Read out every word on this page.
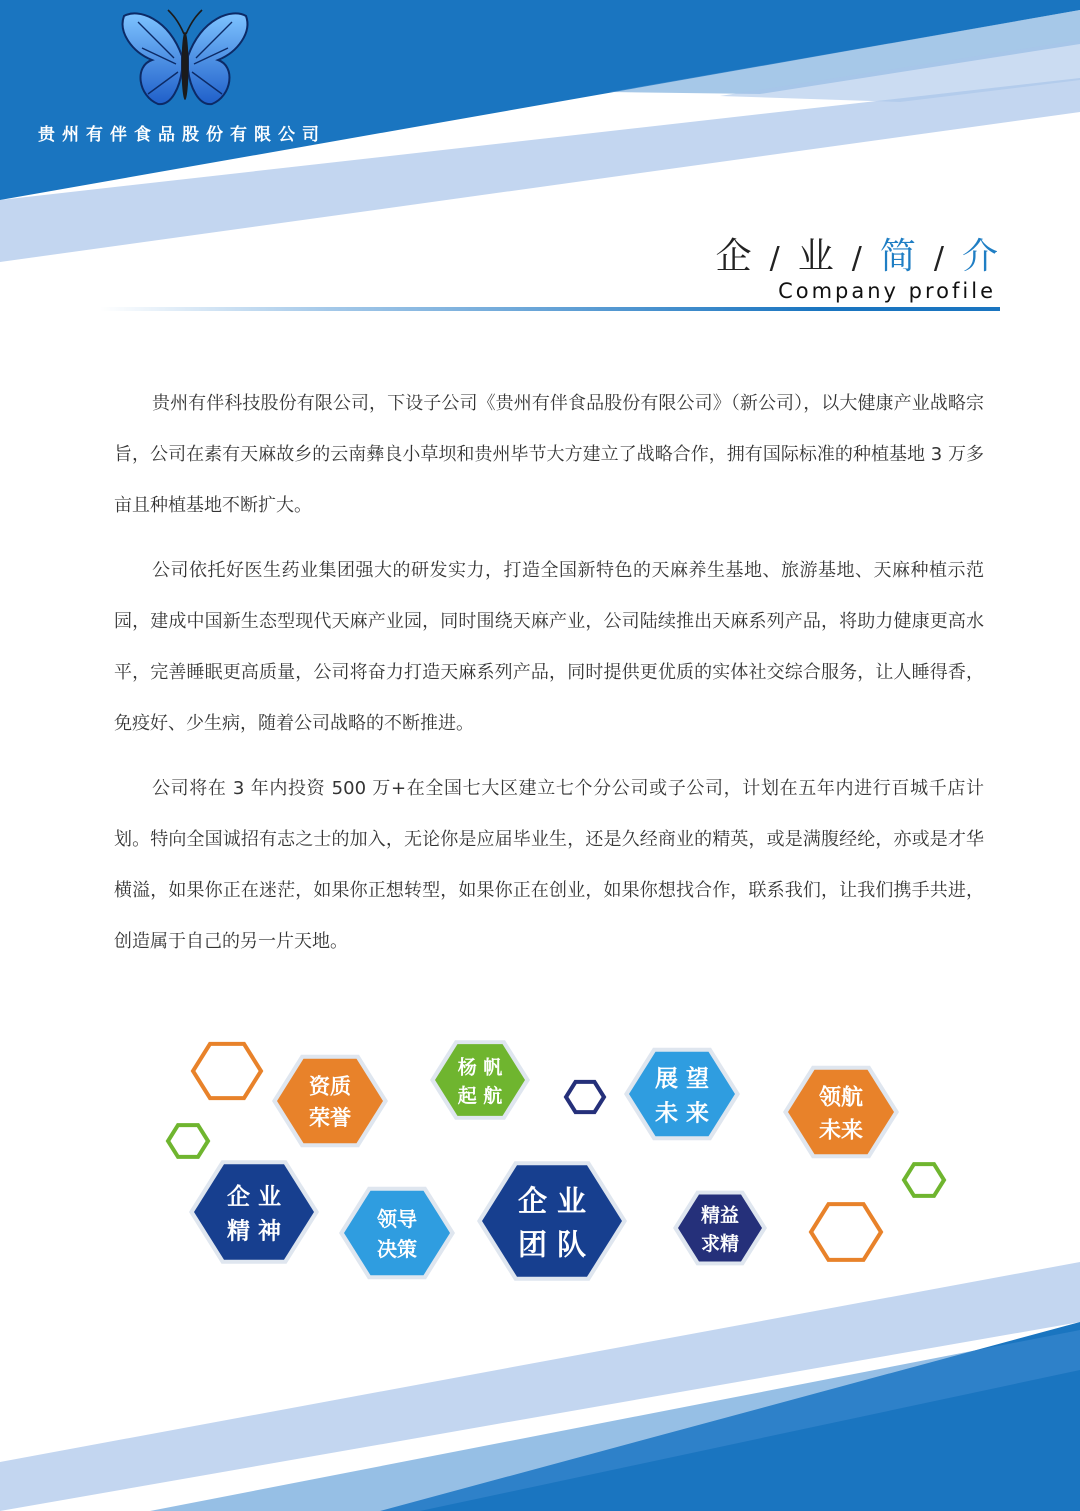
贵州有伴食品股份有限公司
企 / 业 / 简 / 介
Company profile

贵州有伴科技股份有限公司，下设子公司《贵州有伴食品股份有限公司》（新公司），以大健康产业战略宗旨，公司在素有天麻故乡的云南彝良小草坝和贵州毕节大方建立了战略合作，拥有国际标准的种植基地 3 万多亩且种植基地不断扩大。

公司依托好医生药业集团强大的研发实力，打造全国新特色的天麻养生基地、旅游基地、天麻种植示范园，建成中国新生态型现代天麻产业园，同时围绕天麻产业，公司陆续推出天麻系列产品，将助力健康更高水平，完善睡眠更高质量，公司将奋力打造天麻系列产品，同时提供更优质的实体社交综合服务，让人睡得香，免疫好、少生病，随着公司战略的不断推进。

公司将在 3 年内投资 500 万+在全国七大区建立七个分公司或子公司，计划在五年内进行百城千店计划。特向全国诚招有志之士的加入，无论你是应届毕业生，还是久经商业的精英，或是满腹经纶，亦或是才华横溢，如果你正在迷茫，如果你正想转型，如果你正在创业，如果你想找合作，联系我们，让我们携手共进，创造属于自己的另一片天地。

资质
荣誉
杨 帆
起 航
展 望
未 来
领航
未来
企 业
精 神	领导
决策
企 业
团 队
精益
求精
